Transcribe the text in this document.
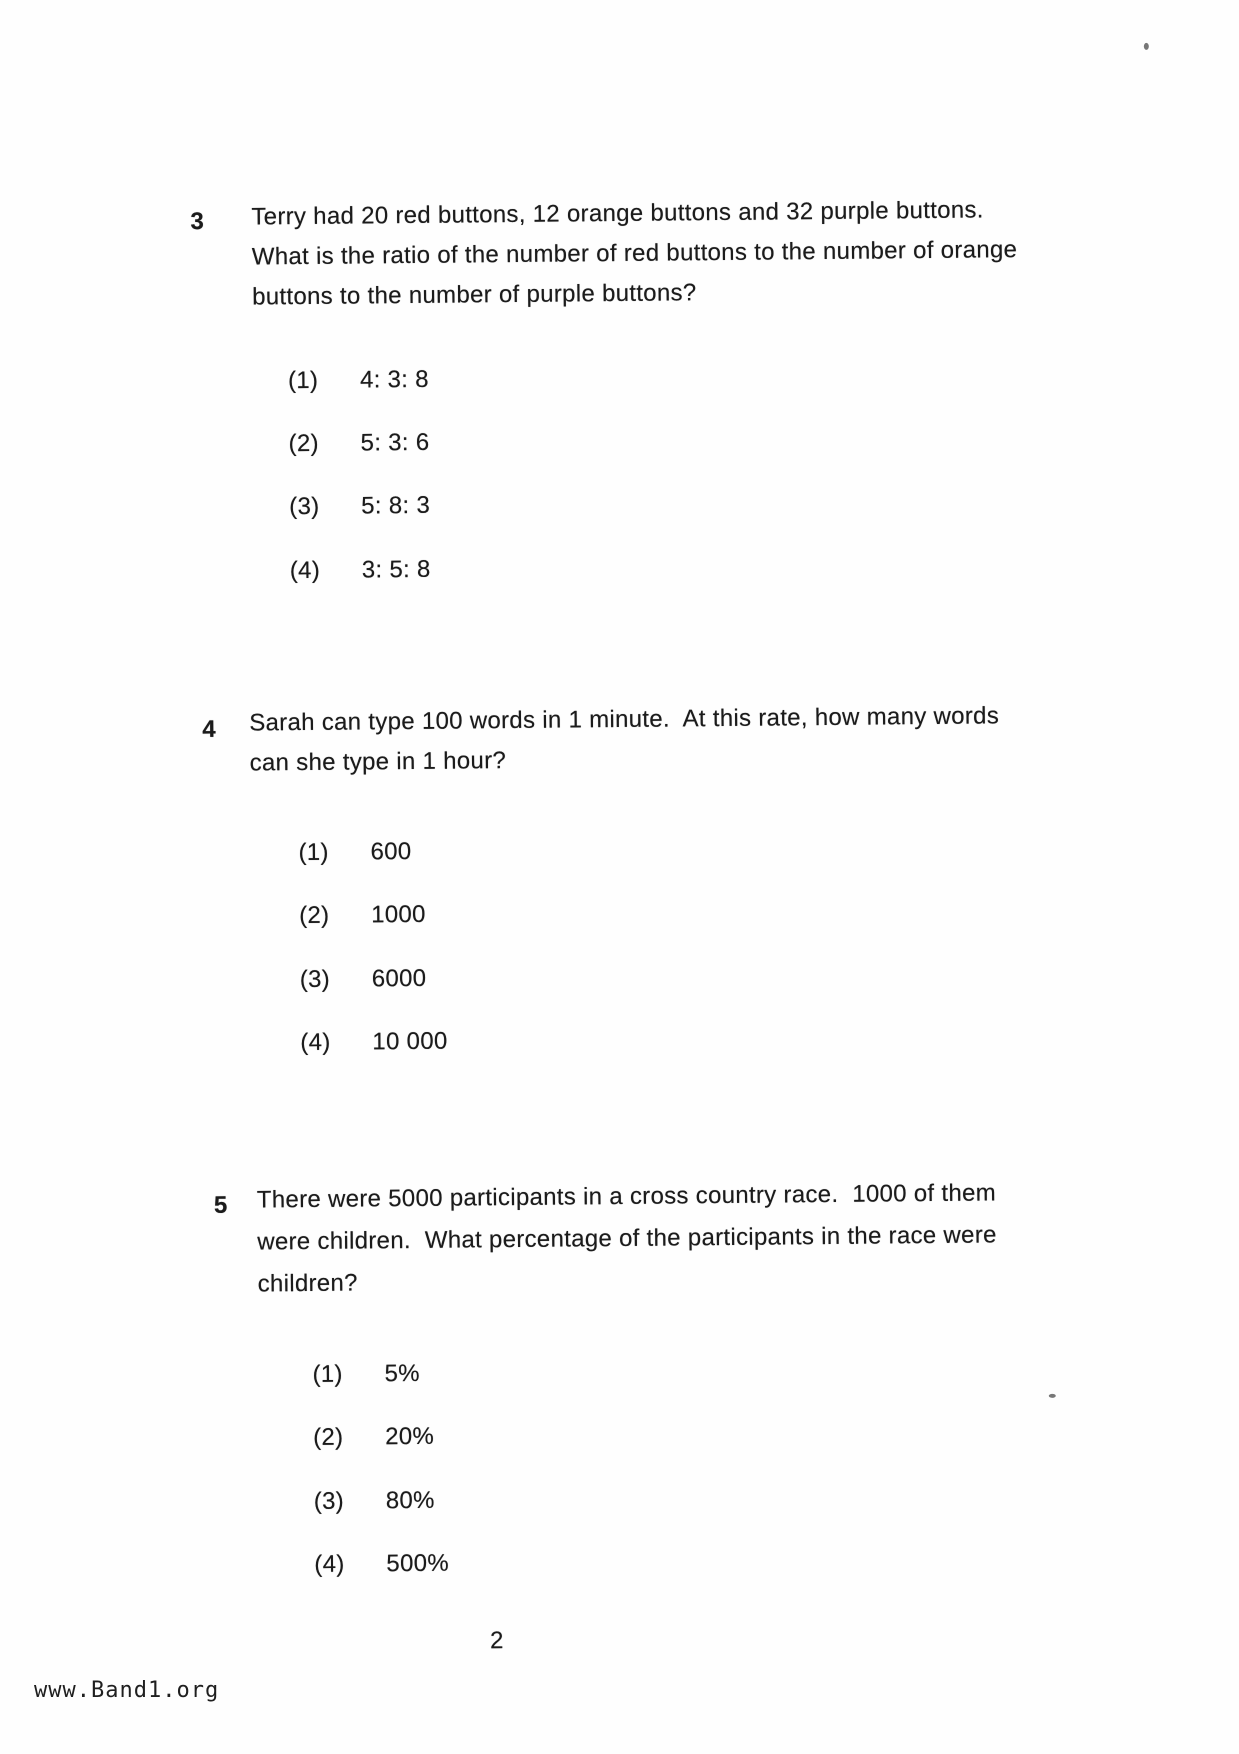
3 Terry had 20 red buttons, 12 orange buttons and 32 purple buttons.
What is the ratio of the number of red buttons to the number of orange
buttons to the number of purple buttons?
(1) 4: 3: 8
(2) 5: 3: 6
(3) 5: 8: 3
(4) 3: 5: 8
4 Sarah can type 100 words in 1 minute.  At this rate, how many words
can she type in 1 hour?
(1) 600
(2) 1000
(3) 6000
(4) 10 000
5 There were 5000 participants in a cross country race.  1000 of them
were children.  What percentage of the participants in the race were
children?
(1) 5%
(2) 20%
(3) 80%
(4) 500%
2
www.Band1.org
